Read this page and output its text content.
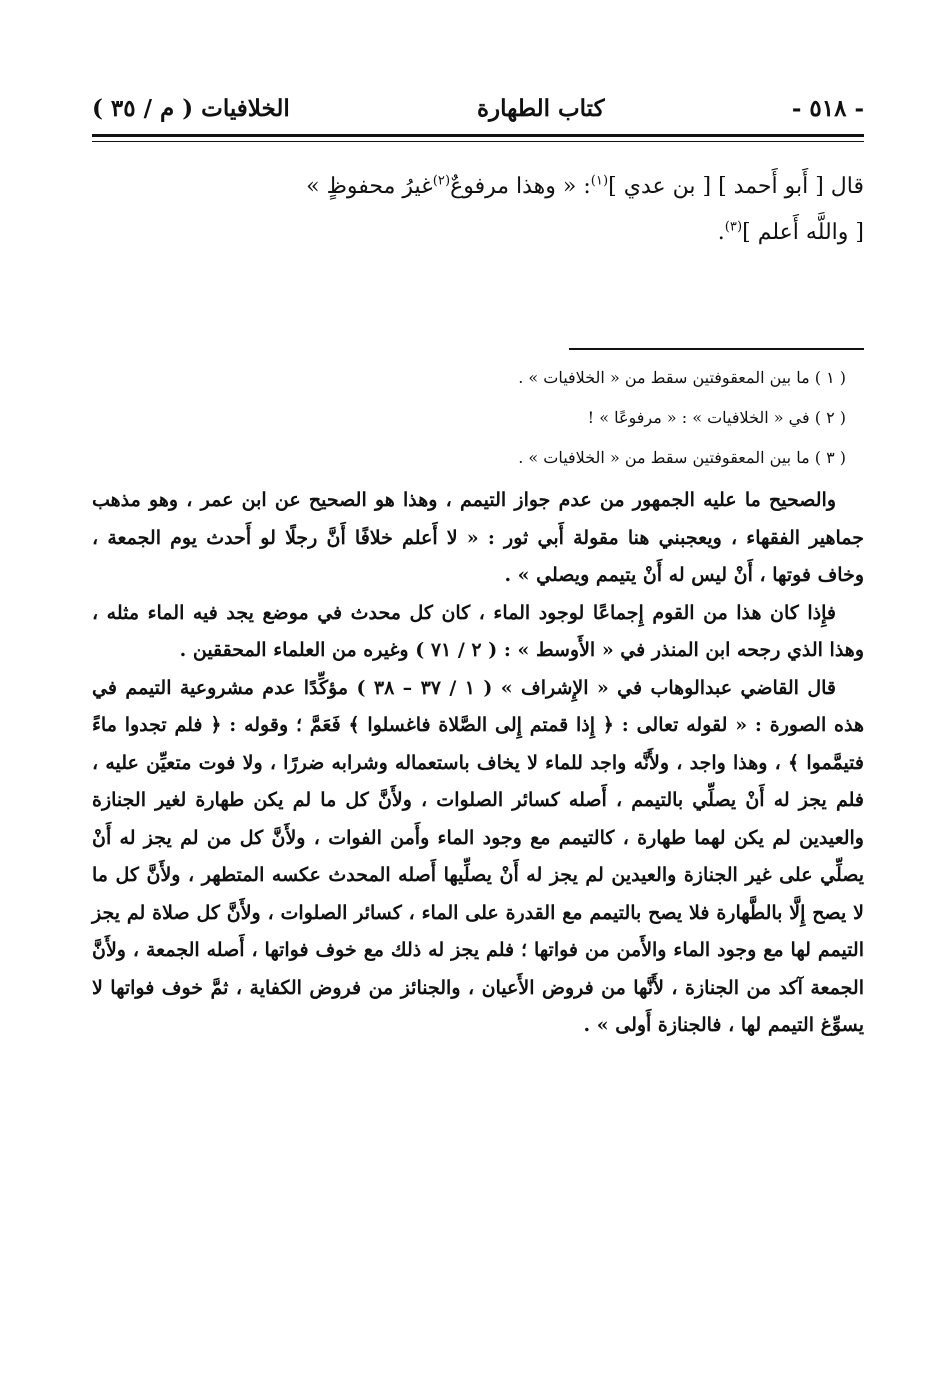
- ٥١٨ -
كتاب الطهارة
الخلافيات ( م / ٣٥ )

قال [ أَبو أَحمد ] [ بن عدي ]$^{(١)}$: « وهذا مرفوعٌ$^{(٢)}$غيرُ محفوظٍ »

[ واللَّه أَعلم ]$^{(٣)}$.

( ١ ) ما بين المعقوفتين سقط من « الخلافيات » .

( ٢ ) في « الخلافيات » : « مرفوعًا » !

( ٣ ) ما بين المعقوفتين سقط من « الخلافيات » .

والصحيح ما عليه الجمهور من عدم جواز التيمم ، وهذا هو الصحيح عن ابن عمر ، وهو مذهب جماهير الفقهاء ، ويعجبني هنا مقولة أَبي ثور : « لا أَعلم خلافًا أَنَّ رجلًا لو أَحدث يوم الجمعة ، وخاف فوتها ، أَنْ ليس له أَنْ يتيمم ويصلي » .

فإِذا كان هذا من القوم إِجماعًا لوجود الماء ، كان كل محدث في موضع يجد فيه الماء مثله ، وهذا الذي رجحه ابن المنذر في « الأَوسط » : ( ٢ / ٧١ ) وغيره من العلماء المحققين .

قال القاضي عبدالوهاب في « الإِشراف » ( ١ / ٣٧ – ٣٨ ) مؤكِّدًا عدم مشروعية التيمم في هذه الصورة : « لقوله تعالى : ﴿ إِذا قمتم إِلى الصَّلاة فاغسلوا ﴾ فَعَمَّ ؛ وقوله : ﴿ فلم تجدوا ماءً فتيمَّموا ﴾ ، وهذا واجد ، ولأَنَّه واجد للماء لا يخاف باستعماله وشرابه ضررًا ، ولا فوت متعيِّن عليه ، فلم يجز له أَنْ يصلِّي بالتيمم ، أَصله كسائر الصلوات ، ولأَنَّ كل ما لم يكن طهارة لغير الجنازة والعيدين لم يكن لهما طهارة ، كالتيمم مع وجود الماء وأَمن الفوات ، ولأَنَّ كل من لم يجز له أَنْ يصلِّي على غير الجنازة والعيدين لم يجز له أَنْ يصلِّيها أَصله المحدث عكسه المتطهر ، ولأَنَّ كل ما لا يصح إِلَّا بالطَّهارة فلا يصح بالتيمم مع القدرة على الماء ، كسائر الصلوات ، ولأَنَّ كل صلاة لم يجز التيمم لها مع وجود الماء والأَمن من فواتها ؛ فلم يجز له ذلك مع خوف فواتها ، أَصله الجمعة ، ولأَنَّ الجمعة آكد من الجنازة ، لأَنَّها من فروض الأَعيان ، والجنائز من فروض الكفاية ، ثمَّ خوف فواتها لا يسوِّغ التيمم لها ، فالجنازة أَولى » .
